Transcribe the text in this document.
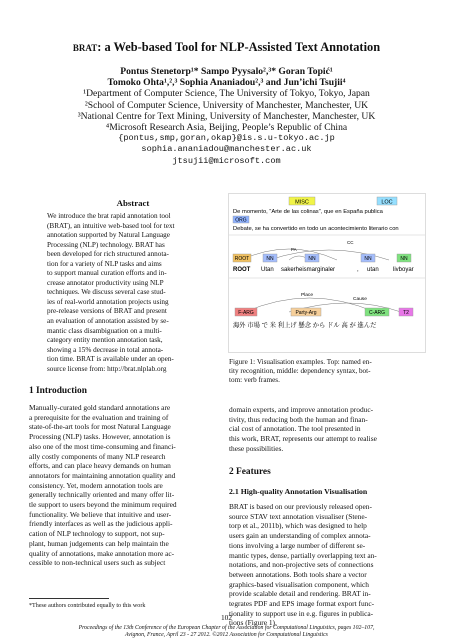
brat: a Web-based Tool for NLP-Assisted Text Annotation
Pontus Stenetorp¹* Sampo Pyysalo²,³* Goran Topić¹
Tomoko Ohta¹,²,³ Sophia Ananiadou²,³ and Jun’ichi Tsujii⁴
¹Department of Computer Science, The University of Tokyo, Tokyo, Japan
²School of Computer Science, University of Manchester, Manchester, UK
³National Centre for Text Mining, University of Manchester, Manchester, UK
⁴Microsoft Research Asia, Beijing, People’s Republic of China
{pontus,smp,goran,okap}@is.s.u-tokyo.ac.jp
sophia.ananiadou@manchester.ac.uk
jtsujii@microsoft.com
Abstract
We introduce the brat rapid annotation tool
(BRAT), an intuitive web-based tool for text
annotation supported by Natural Language
Processing (NLP) technology. BRAT has
been developed for rich structured annota-
tion for a variety of NLP tasks and aims
to support manual curation efforts and in-
crease annotator productivity using NLP
techniques. We discuss several case stud-
ies of real-world annotation projects using
pre-release versions of BRAT and present
an evaluation of annotation assisted by se-
mantic class disambiguation on a multi-
category entity mention annotation task,
showing a 15% decrease in total annota-
tion time. BRAT is available under an open-
source license from: http://brat.nlplab.org
1 Introduction
Manually-curated gold standard annotations are
a prerequisite for the evaluation and training of
state-of-the-art tools for most Natural Language
Processing (NLP) tasks. However, annotation is
also one of the most time-consuming and financi-
ally costly components of many NLP research
efforts, and can place heavy demands on human
annotators for maintaining annotation quality and
consistency. Yet, modern annotation tools are
generally technically oriented and many offer lit-
tle support to users beyond the minimum required
functionality. We believe that intuitive and user-
friendly interfaces as well as the judicious appli-
cation of NLP technology to support, not sup-
plant, human judgements can help maintain the
quality of annotations, make annotation more ac-
cessible to non-technical users such as subject
*These authors contributed equally to this work
MISC	LOC
De momento, “Arte de las colinas”, que en España publica
ORG
Debate, se ha convertido en todo un acontecimiento literario con
ROOT	NN
PA
NN
CC
NN	NN
ROOT Utan sakerheismarginaler	, utan livboyar
Place
Cause
F-ARG	Party-Arg	C-ARG	T2
海外 市場 で 米 利上げ 懸念 から ドル 高 が 進んだ
Figure 1: Visualisation examples. Top: named en-
tity recognition, middle: dependency syntax, bot-
tom: verb frames.
domain experts, and improve annotation produc-
tivity, thus reducing both the human and finan-
cial cost of annotation. The tool presented in
this work, BRAT, represents our attempt to realise
these possibilities.
2 Features
2.1 High-quality Annotation Visualisation
BRAT is based on our previously released open-
source STAV text annotation visualiser (Stene-
torp et al., 2011b), which was designed to help
users gain an understanding of complex annota-
tions involving a large number of different se-
mantic types, dense, partially overlapping text an-
notations, and non-projective sets of connections
between annotations. Both tools share a vector
graphics-based visualisation component, which
provide scalable detail and rendering. BRAT in-
tegrates PDF and EPS image format export func-
tionality to support use in e.g. figures in publica-
tions (Figure 1).
102
Proceedings of the 13th Conference of the European Chapter of the Association for Computational Linguistics, pages 102–107,
Avignon, France, April 23 - 27 2012. ©2012 Association for Computational Linguistics
